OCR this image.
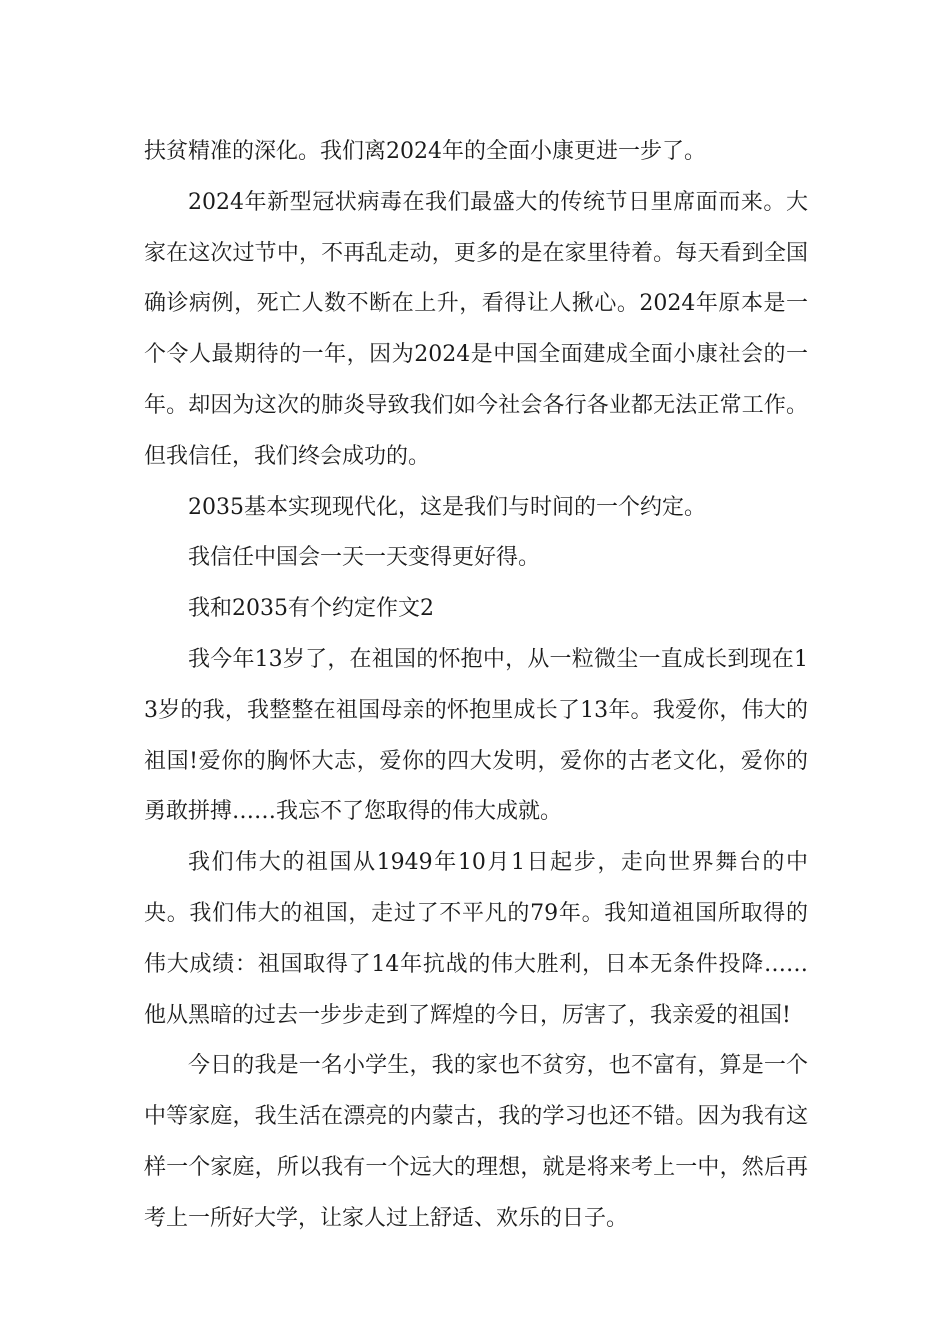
扶贫精准的深化。我们离2024年的全面小康更进一步了。

2024年新型冠状病毒在我们最盛大的传统节日里席面而来。大家在这次过节中，不再乱走动，更多的是在家里待着。每天看到全国确诊病例，死亡人数不断在上升，看得让人揪心。2024年原本是一个令人最期待的一年，因为2024是中国全面建成全面小康社会的一年。却因为这次的肺炎导致我们如今社会各行各业都无法正常工作。但我信任，我们终会成功的。

2035基本实现现代化，这是我们与时间的一个约定。

我信任中国会一天一天变得更好得。

我和2035有个约定作文2

我今年13岁了，在祖国的怀抱中，从一粒微尘一直成长到现在13岁的我，我整整在祖国母亲的怀抱里成长了13年。我爱你，伟大的祖国!爱你的胸怀大志，爱你的四大发明，爱你的古老文化，爱你的勇敢拼搏……我忘不了您取得的伟大成就。

我们伟大的祖国从1949年10月1日起步，走向世界舞台的中央。我们伟大的祖国，走过了不平凡的79年。我知道祖国所取得的伟大成绩：祖国取得了14年抗战的伟大胜利，日本无条件投降……他从黑暗的过去一步步走到了辉煌的今日，厉害了，我亲爱的祖国!

今日的我是一名小学生，我的家也不贫穷，也不富有，算是一个中等家庭，我生活在漂亮的内蒙古，我的学习也还不错。因为我有这样一个家庭，所以我有一个远大的理想，就是将来考上一中，然后再考上一所好大学，让家人过上舒适、欢乐的日子。
